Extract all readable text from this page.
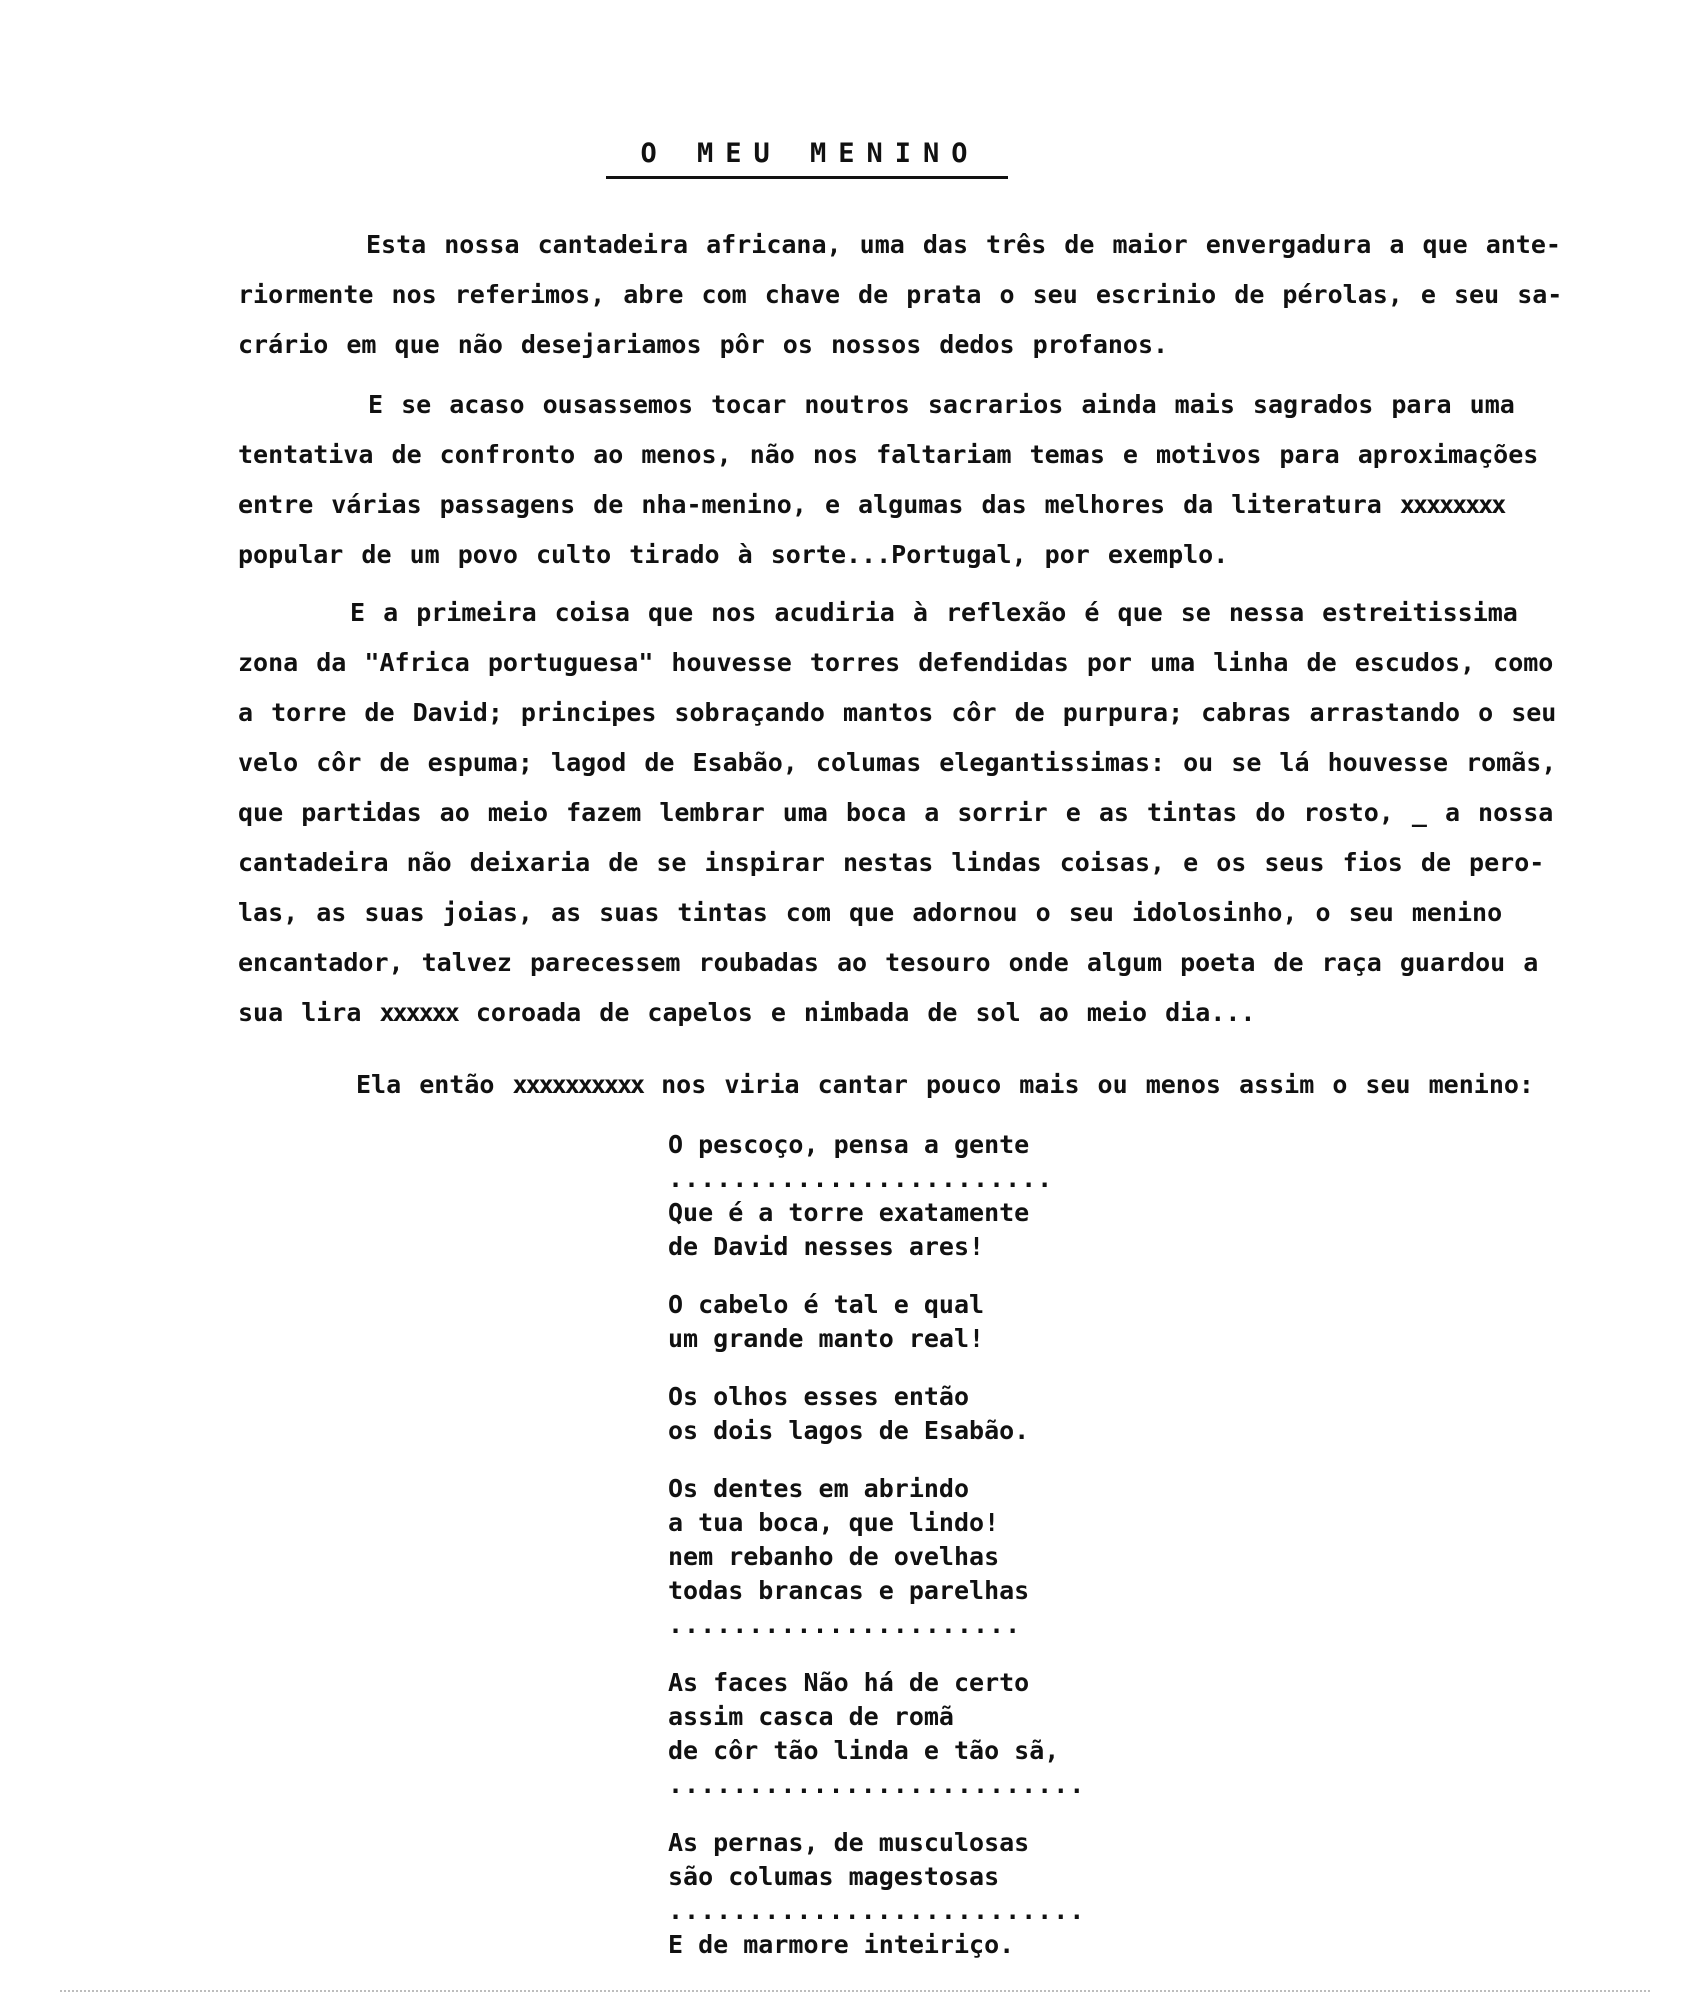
O MEU MENINO
Esta nossa cantadeira africana, uma das três de maior envergadura a que ante-
riormente nos referimos, abre com chave de prata o seu escrinio de pérolas, e seu sa-
crário em que não desejariamos pôr os nossos dedos profanos.
E se acaso ousassemos tocar noutros sacrarios ainda mais sagrados para uma
tentativa de confronto ao menos, não nos faltariam temas e motivos para aproximações
entre várias passagens de nha-menino, e algumas das melhores da literatura xxxxxxxx
popular de um povo culto tirado à sorte...Portugal, por exemplo.
E a primeira coisa que nos acudiria à reflexão é que se nessa estreitissima
zona da "Africa portuguesa" houvesse torres defendidas por uma linha de escudos, como
a torre de David; principes sobraçando mantos côr de purpura; cabras arrastando o seu
velo côr de espuma; lagod de Esabão, columas elegantissimas: ou se lá houvesse romãs,
que partidas ao meio fazem lembrar uma boca a sorrir e as tintas do rosto, _ a nossa
cantadeira não deixaria de se inspirar nestas lindas coisas, e os seus fios de pero-
las, as suas joias, as suas tintas com que adornou o seu idolosinho, o seu menino
encantador, talvez parecessem roubadas ao tesouro onde algum poeta de raça guardou a
sua lira xxxxxx coroada de capelos e nimbada de sol ao meio dia...
Ela então xxxxxxxxxx nos viria cantar pouco mais ou menos assim o seu menino:
O pescoço, pensa a gente
........................
Que é a torre exatamente
de David nesses ares!
O cabelo é tal e qual
um grande manto real!
Os olhos esses então
os dois lagos de Esabão.
Os dentes em abrindo
a tua boca, que lindo!
nem rebanho de ovelhas
todas brancas e parelhas
......................
As faces Não há de certo
assim casca de romã
de côr tão linda e tão sã,
..........................
As pernas, de musculosas
são columas magestosas
..........................
E de marmore inteiriço.
